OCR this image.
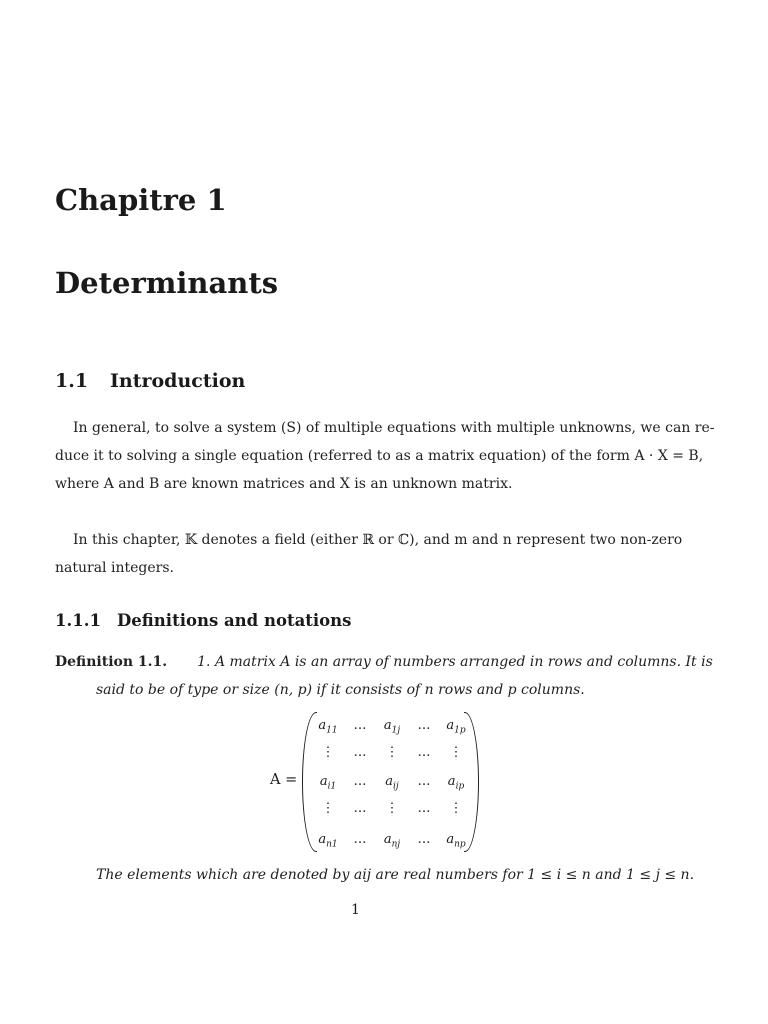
Chapitre 1
Determinants
1.1 Introduction
In general, to solve a system (S) of multiple equations with multiple unknowns, we can re-
duce it to solving a single equation (referred to as a matrix equation) of the form A · X = B,
where A and B are known matrices and X is an unknown matrix.
In this chapter, 𝕂 denotes a field (either ℝ or ℂ), and m and n represent two non-zero
natural integers.
1.1.1 Definitions and notations
Definition 1.1. 1. A matrix A is an array of numbers arranged in rows and columns. It is
said to be of type or size (n, p) if it consists of n rows and p columns.
A =
$a_{11}$	…	$a_{1j}$	…	$a_{1p}$
⋮	…	⋮	…	⋮
$a_{i1}$	…	$a_{ij}$	…	$a_{ip}$
⋮	…	⋮	…	⋮
$a_{n1}$	…	$a_{nj}$	…	$a_{np}$
The elements which are denoted by aij are real numbers for 1 ≤ i ≤ n and 1 ≤ j ≤ n.
1
